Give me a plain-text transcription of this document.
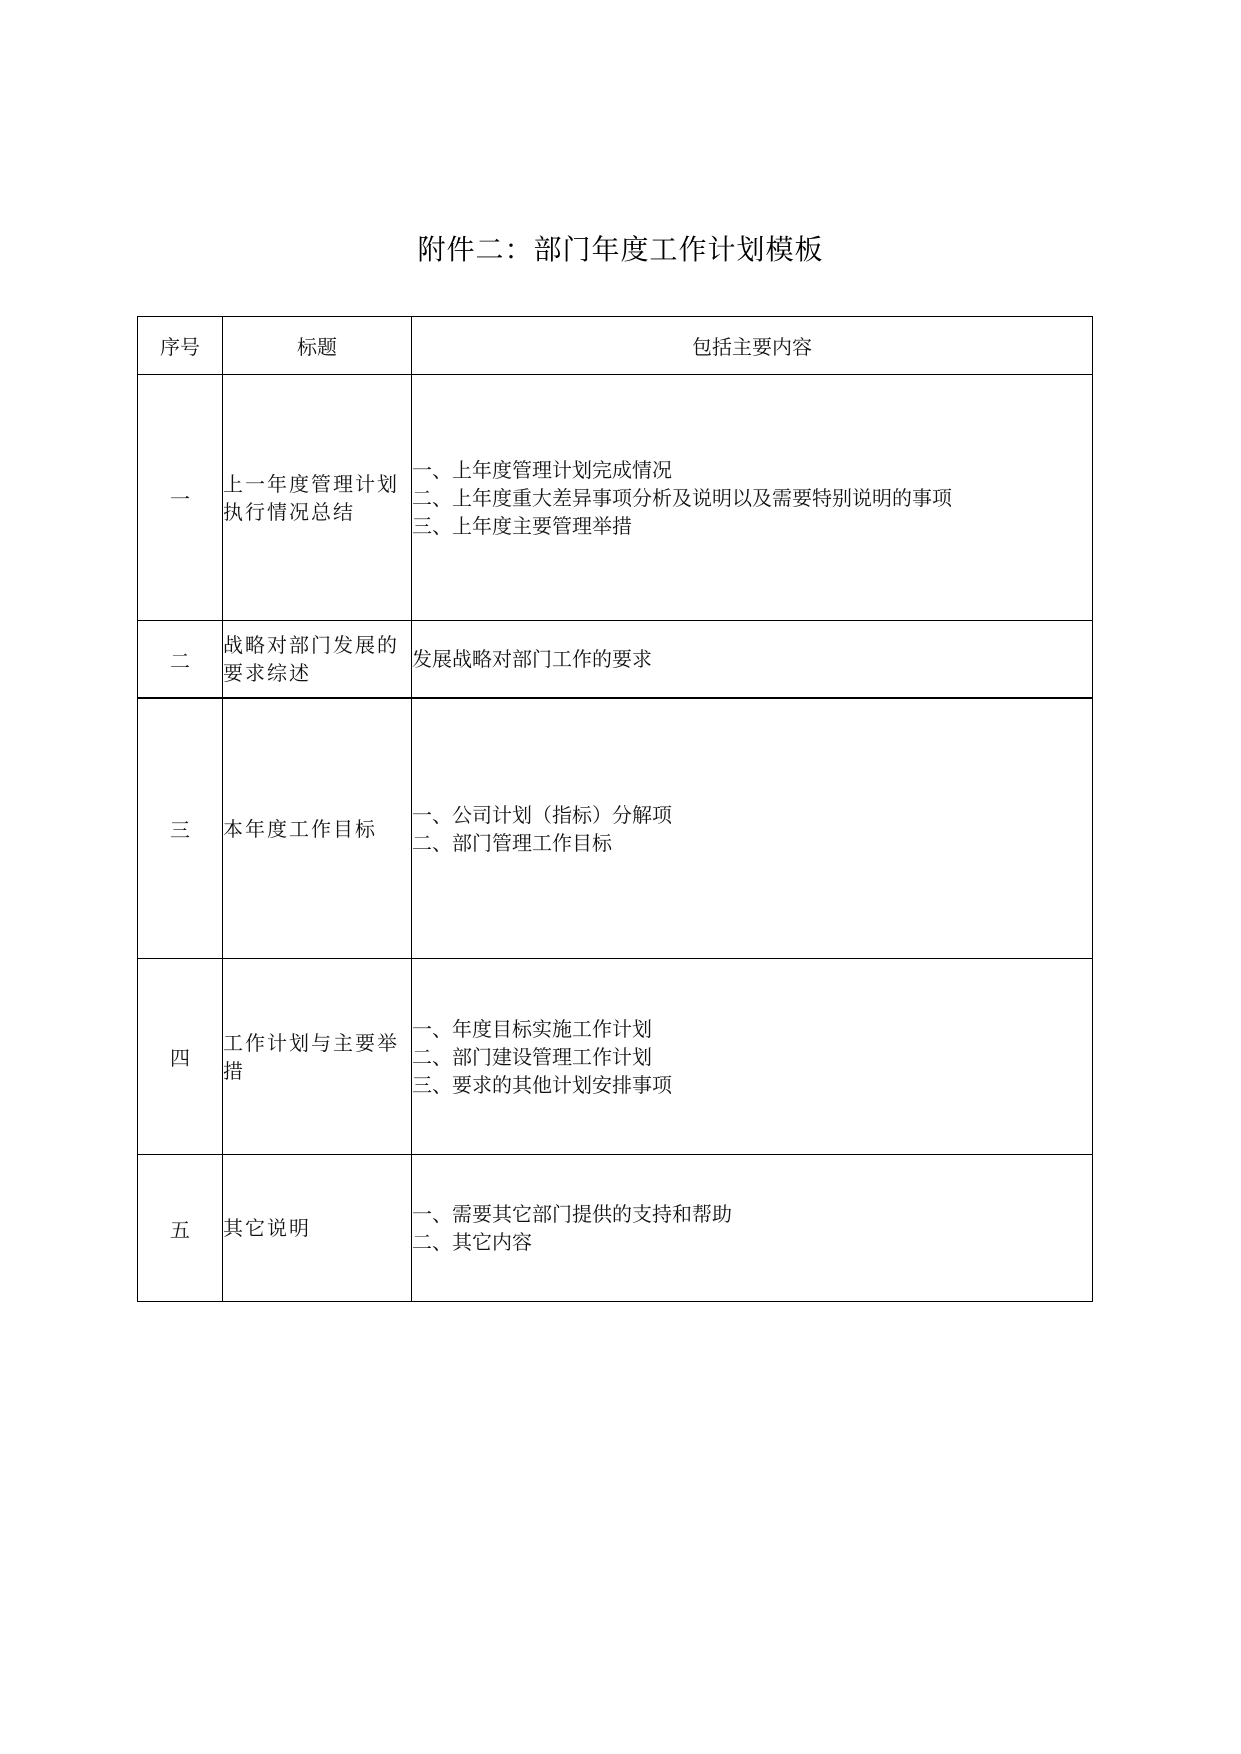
附件二：部门年度工作计划模板
序号	标题	包括主要内容
一	上一年度管理计划执行情况总结	一、上年度管理计划完成情况
二、上年度重大差异事项分析及说明以及需要特别说明的事项
三、上年度主要管理举措

二	战略对部门发展的要求综述	发展战略对部门工作的要求

三	本年度工作目标	一、公司计划（指标）分解项
二、部门管理工作目标

四	工作计划与主要举措	一、年度目标实施工作计划
二、部门建设管理工作计划
三、要求的其他计划安排事项

五	其它说明	一、需要其它部门提供的支持和帮助
二、其它内容
